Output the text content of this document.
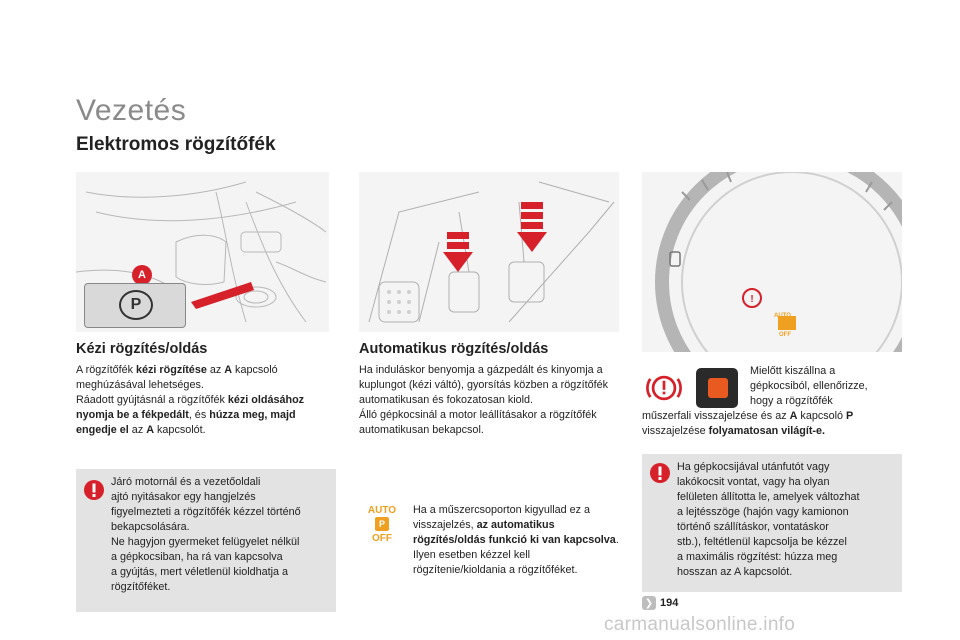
Vezetés
Elektromos rögzítőfék
A
P	!
AUTO
OFF
Kézi rögzítés/oldás
A rögzítőfék kézi rögzítése az A kapcsoló meghúzásával lehetséges.
Ráadott gyújtásnál a rögzítőfék kézi oldásához nyomja be a fékpedált, és húzza meg, majd engedje el az A kapcsolót.
Járó motornál és a vezetőoldali
ajtó nyitásakor egy hangjelzés
figyelmezteti a rögzítőfék kézzel történő
bekapcsolására.
Ne hagyjon gyermeket felügyelet nélkül
a gépkocsiban, ha rá van kapcsolva
a gyújtás, mert véletlenül kioldhatja a
rögzítőféket.
Automatikus rögzítés/oldás
Ha induláskor benyomja a gázpedált és kinyomja a kuplungot (kézi váltó), gyorsítás közben a rögzítőfék automatikusan és fokozatosan kiold.
Álló gépkocsinál a motor leállításakor a rögzítőfék automatikusan bekapcsol.
AUTO
P
OFF
Ha a műszercsoporton kigyullad ez a visszajelzés, az automatikus rögzítés/oldás funkció ki van kapcsolva. Ilyen esetben kézzel kell rögzítenie/kioldania a rögzítőféket.
Mielőtt kiszállna a
gépkocsiból, ellenőrizze,
hogy a rögzítőfék
műszerfali visszajelzése és az A kapcsoló P visszajelzése folyamatosan világít-e.
Ha gépkocsijával utánfutót vagy
lakókocsit vontat, vagy ha olyan
felületen állította le, amelyek változhat
a lejtésszöge (hajón vagy kamionon
történő szállításkor, vontatáskor
stb.), feltétlenül kapcsolja be kézzel
a maximális rögzítést: húzza meg
hosszan az A kapcsolót.
❯ 194
carmanualsonline.info
